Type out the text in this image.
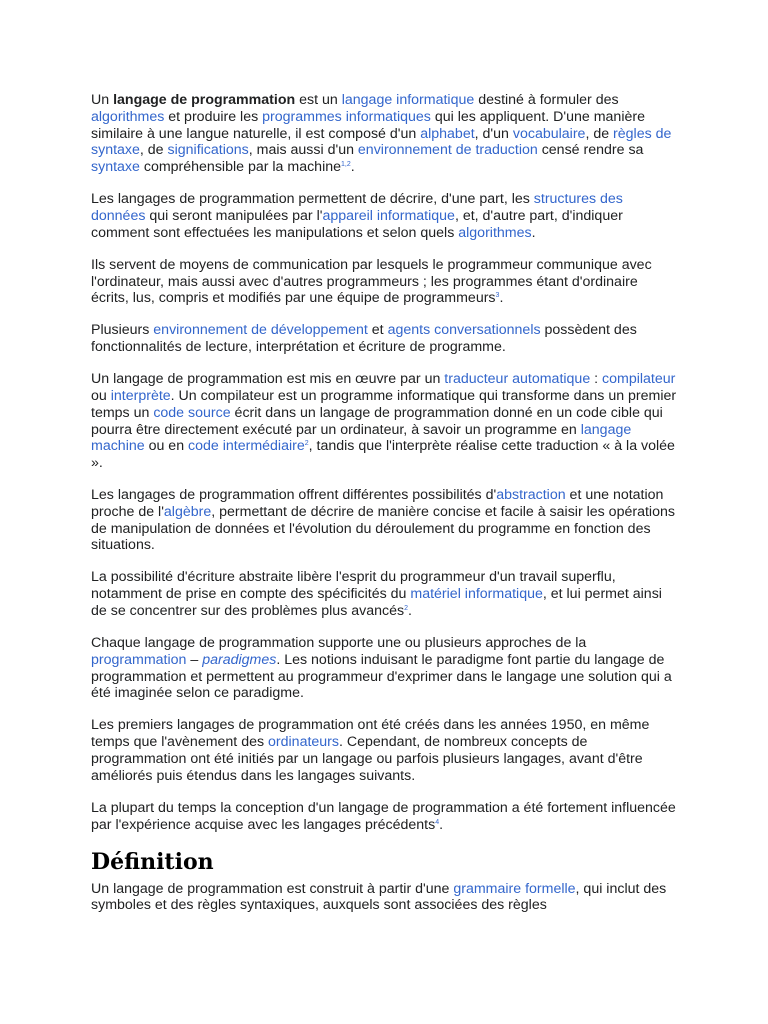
Un langage de programmation est un langage informatique destiné à formuler des algorithmes et produire les programmes informatiques qui les appliquent. D'une manière similaire à une langue naturelle, il est composé d'un alphabet, d'un vocabulaire, de règles de syntaxe, de significations, mais aussi d'un environnement de traduction censé rendre sa syntaxe compréhensible par la machine$^{1,2}$.

Les langages de programmation permettent de décrire, d'une part, les structures des données qui seront manipulées par l'appareil informatique, et, d'autre part, d'indiquer comment sont effectuées les manipulations et selon quels algorithmes.

Ils servent de moyens de communication par lesquels le programmeur communique avec l'ordinateur, mais aussi avec d'autres programmeurs ; les programmes étant d'ordinaire écrits, lus, compris et modifiés par une équipe de programmeurs$^3$.

Plusieurs environnement de développement et agents conversationnels possèdent des fonctionnalités de lecture, interprétation et écriture de programme.

Un langage de programmation est mis en œuvre par un traducteur automatique : compilateur ou interprète. Un compilateur est un programme informatique qui transforme dans un premier temps un code source écrit dans un langage de programmation donné en un code cible qui pourra être directement exécuté par un ordinateur, à savoir un programme en langage machine ou en code intermédiaire$^2$, tandis que l'interprète réalise cette traduction « à la volée ».

Les langages de programmation offrent différentes possibilités d'abstraction et une notation proche de l'algèbre, permettant de décrire de manière concise et facile à saisir les opérations de manipulation de données et l'évolution du déroulement du programme en fonction des situations.

La possibilité d'écriture abstraite libère l'esprit du programmeur d'un travail superflu, notamment de prise en compte des spécificités du matériel informatique, et lui permet ainsi de se concentrer sur des problèmes plus avancés$^2$.

Chaque langage de programmation supporte une ou plusieurs approches de la programmation – paradigmes. Les notions induisant le paradigme font partie du langage de programmation et permettent au programmeur d'exprimer dans le langage une solution qui a été imaginée selon ce paradigme.

Les premiers langages de programmation ont été créés dans les années 1950, en même temps que l'avènement des ordinateurs. Cependant, de nombreux concepts de programmation ont été initiés par un langage ou parfois plusieurs langages, avant d'être améliorés puis étendus dans les langages suivants.

La plupart du temps la conception d'un langage de programmation a été fortement influencée par l'expérience acquise avec les langages précédents$^4$.

Définition

Un langage de programmation est construit à partir d'une grammaire formelle, qui inclut des symboles et des règles syntaxiques, auxquels sont associées des règles
